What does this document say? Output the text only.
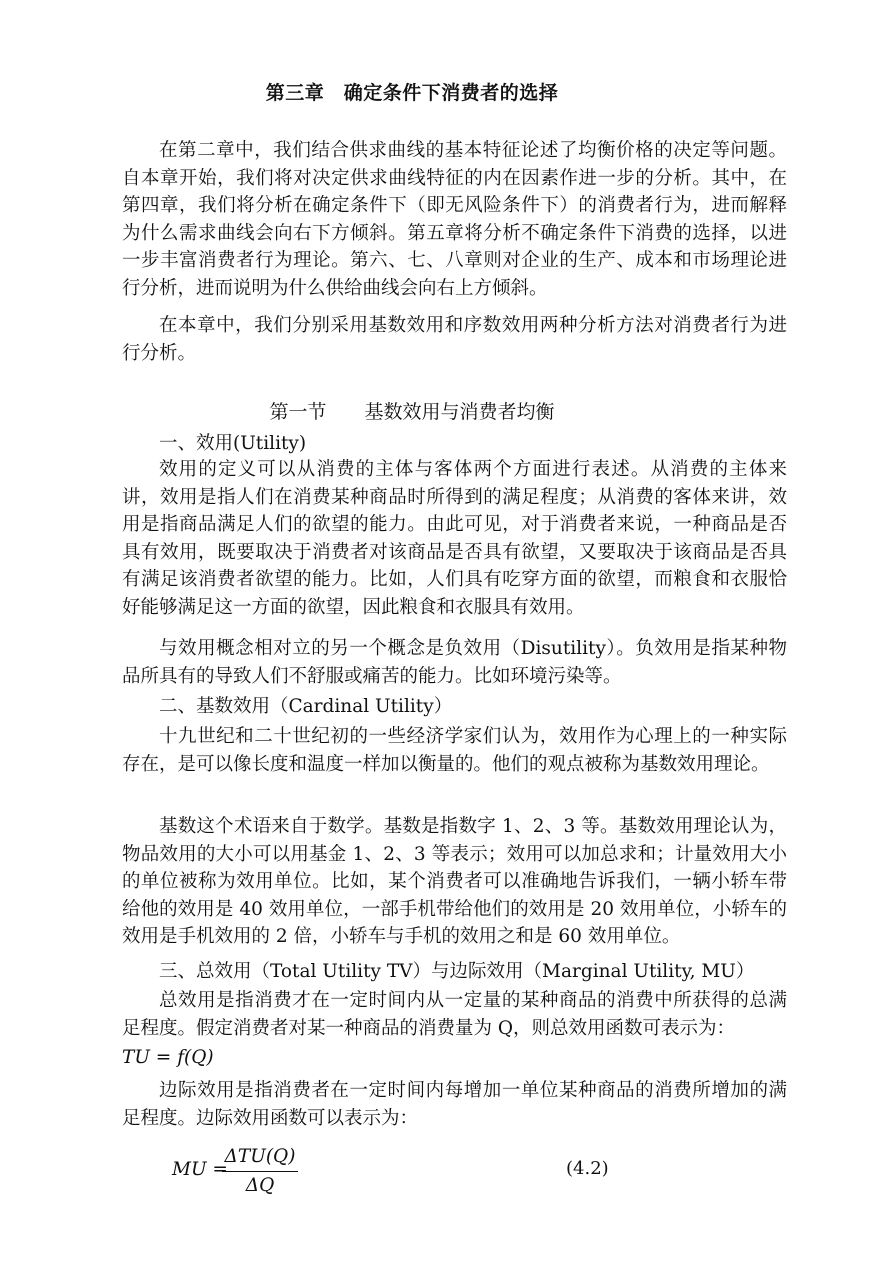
第三章　确定条件下消费者的选择

在第二章中，我们结合供求曲线的基本特征论述了均衡价格的决定等问题。自本章开始，我们将对决定供求曲线特征的内在因素作进一步的分析。其中，在第四章，我们将分析在确定条件下（即无风险条件下）的消费者行为，进而解释为什么需求曲线会向右下方倾斜。第五章将分析不确定条件下消费的选择，以进一步丰富消费者行为理论。第六、七、八章则对企业的生产、成本和市场理论进行分析，进而说明为什么供给曲线会向右上方倾斜。

在本章中，我们分别采用基数效用和序数效用两种分析方法对消费者行为进行分析。

第一节　　基数效用与消费者均衡

一、效用(Utility)

效用的定义可以从消费的主体与客体两个方面进行表述。从消费的主体来讲，效用是指人们在消费某种商品时所得到的满足程度；从消费的客体来讲，效用是指商品满足人们的欲望的能力。由此可见，对于消费者来说，一种商品是否具有效用，既要取决于消费者对该商品是否具有欲望，又要取决于该商品是否具有满足该消费者欲望的能力。比如，人们具有吃穿方面的欲望，而粮食和衣服恰好能够满足这一方面的欲望，因此粮食和衣服具有效用。

与效用概念相对立的另一个概念是负效用（Disutility）。负效用是指某种物品所具有的导致人们不舒服或痛苦的能力。比如环境污染等。

二、基数效用（Cardinal Utility）

十九世纪和二十世纪初的一些经济学家们认为，效用作为心理上的一种实际存在，是可以像长度和温度一样加以衡量的。他们的观点被称为基数效用理论。

基数这个术语来自于数学。基数是指数字 1、2、3 等。基数效用理论认为，物品效用的大小可以用基金 1、2、3 等表示；效用可以加总求和；计量效用大小的单位被称为效用单位。比如，某个消费者可以准确地告诉我们，一辆小轿车带给他的效用是 40 效用单位，一部手机带给他们的效用是 20 效用单位，小轿车的效用是手机效用的 2 倍，小轿车与手机的效用之和是 60 效用单位。

三、总效用（Total Utility TV）与边际效用（Marginal Utility, MU）

总效用是指消费才在一定时间内从一定量的某种商品的消费中所获得的总满足程度。假定消费者对某一种商品的消费量为 Q，则总效用函数可表示为：

TU = f(Q)

边际效用是指消费者在一定时间内每增加一单位某种商品的消费所增加的满足程度。边际效用函数可以表示为：

MU =
ΔTU(Q)
ΔQ
(4.2)
